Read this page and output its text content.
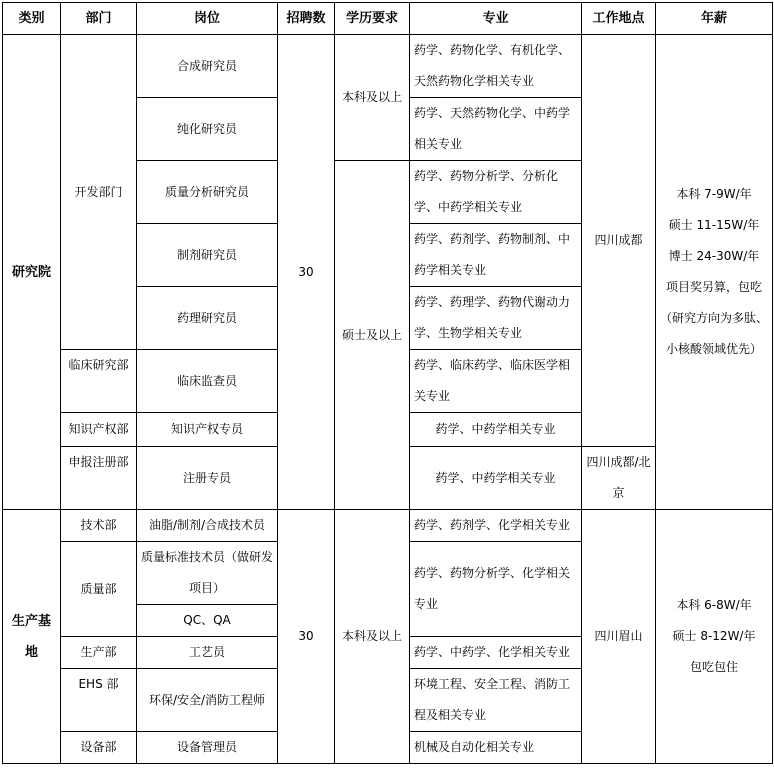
类别	部门	岗位	招聘数	学历要求	专业	工作地点	年薪
研究院	开发部门	合成研究员	30	本科及以上	药学、药物化学、有机化学、天然药物化学相关专业	四川成都	本科 7-9W/年
硕士 11-15W/年
博士 24-30W/年
项目奖另算，包吃
（研究方向为多肽、小核酸领域优先）

		纯化研究员			药学、天然药物化学、中药学相关专业		
		质量分析研究员		硕士及以上	药学、药物分析学、分析化学、中药学相关专业		
		制剂研究员			药学、药剂学、药物制剂、中药学相关专业		
		药理研究员			药学、药理学、药物代谢动力学、生物学相关专业		
	临床研究部	临床监查员			药学、临床药学、临床医学相关专业		
	知识产权部	知识产权专员			药学、中药学相关专业		
	申报注册部	注册专员			药学、中药学相关专业	四川成都/北京	
生产基地	技术部	油脂/制剂/合成技术员	30	本科及以上	药学、药剂学、化学相关专业	四川眉山	本科 6-8W/年
硕士 8-12W/年
包吃包住

	质量部	质量标准技术员（做研发项目）			药学、药物分析学、化学相关专业		
		QC、QA					
	生产部	工艺员			药学、中药学、化学相关专业		
	EHS 部	环保/安全/消防工程师			环境工程、安全工程、消防工程及相关专业		
	设备部	设备管理员			机械及自动化相关专业		
